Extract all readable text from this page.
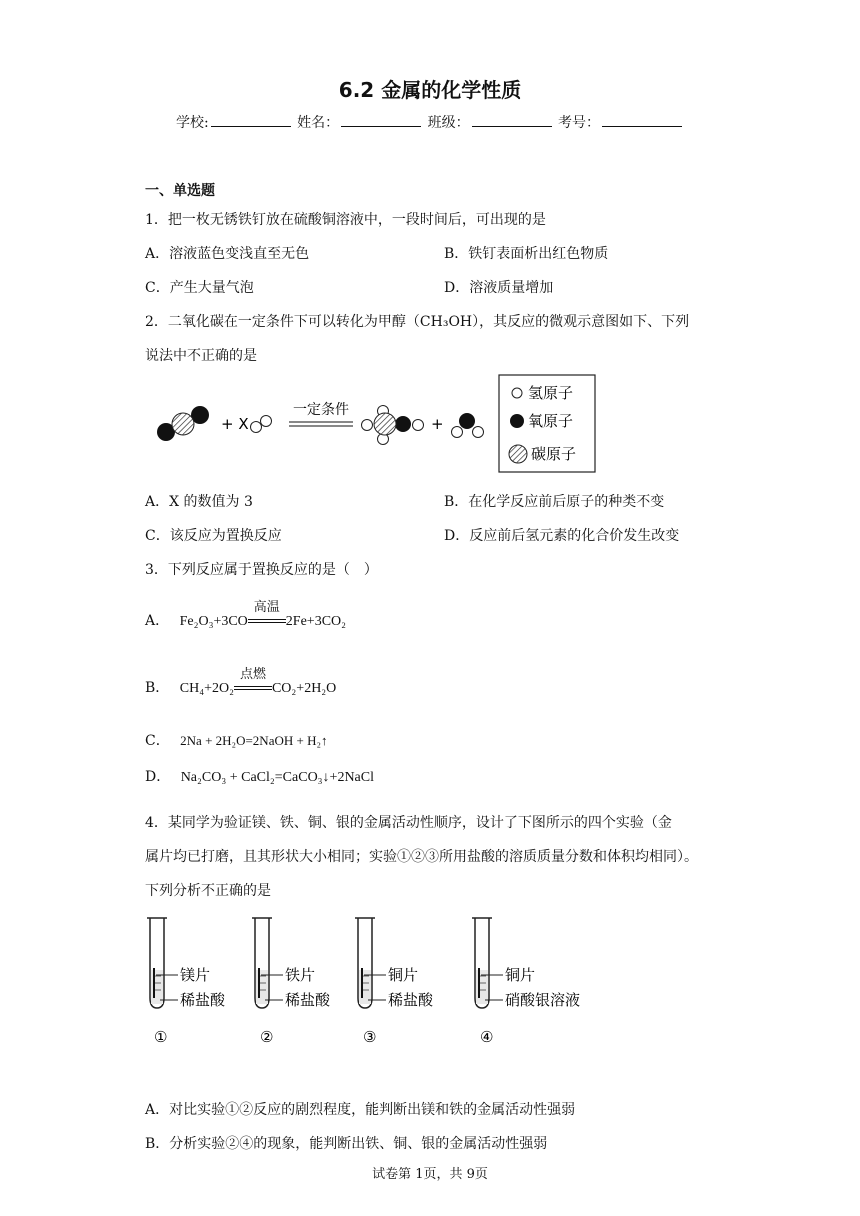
6.2 金属的化学性质
学校:	姓名：	班级：	考号：
一、单选题
1．把一枚无锈铁钉放在硫酸铜溶液中，一段时间后，可出现的是
A．溶液蓝色变浅直至无色	B．铁钉表面析出红色物质
C．产生大量气泡	D．溶液质量增加
2．二氧化碳在一定条件下可以转化为甲醇（CH₃OH），其反应的微观示意图如下、下列
说法中不正确的是
+ X
一定条件
+
氢原子
氧原子
碳原子
A．X 的数值为 3	B．在化学反应前后原子的种类不变
C．该反应为置换反应	D．反应前后氢元素的化合价发生改变
3．下列反应属于置换反应的是（　）
A． Fe₂O₃+3CO
高温
2Fe+3CO₂
B． CH₄+2O₂
点燃
CO₂+2H₂O
C． 2Na + 2H₂O=2NaOH + H₂↑
D． Na₂CO₃ + CaCl₂=CaCO₃↓+2NaCl
4．某同学为验证镁、铁、铜、银的金属活动性顺序，设计了下图所示的四个实验（金
属片均已打磨，且其形状大小相同；实验①②③所用盐酸的溶质质量分数和体积均相同）。
下列分析不正确的是
镁片
稀盐酸
①
铁片
稀盐酸
②
铜片
稀盐酸
③
铜片
硝酸银溶液
④
A．对比实验①②反应的剧烈程度，能判断出镁和铁的金属活动性强弱
B．分析实验②④的现象，能判断出铁、铜、银的金属活动性强弱
试卷第 1页，共 9页
